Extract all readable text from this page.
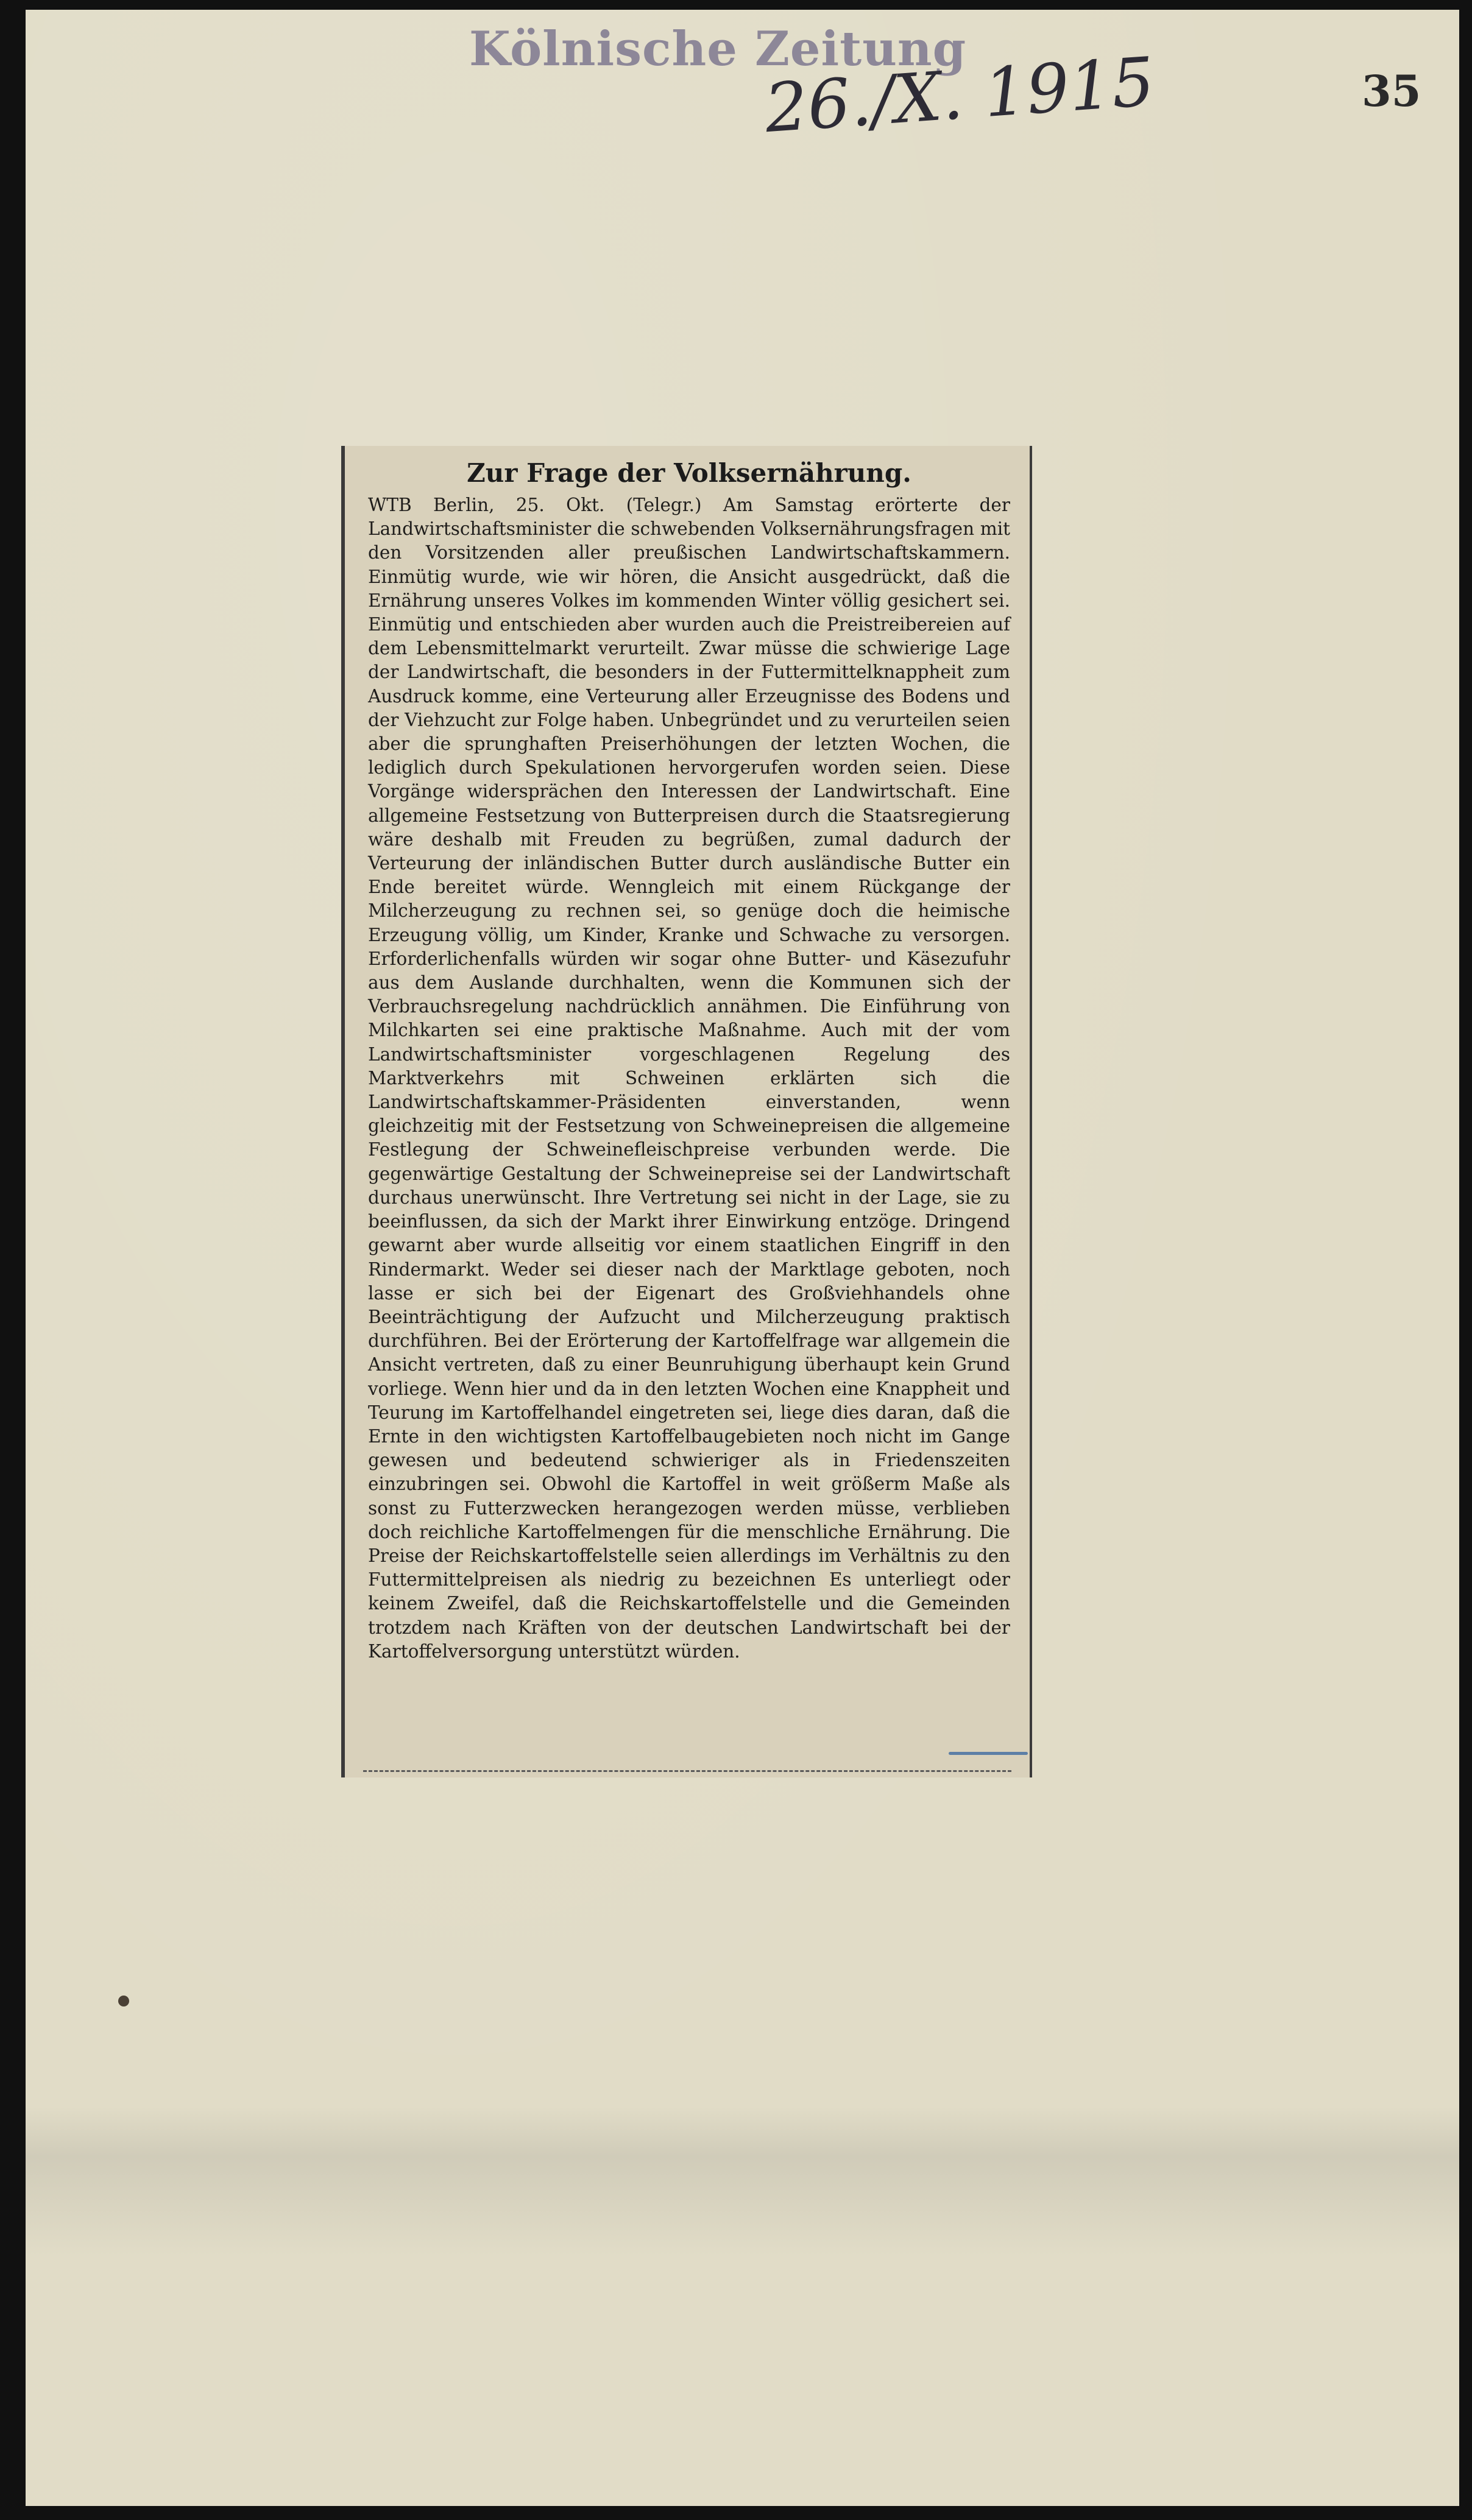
Kölnische Zeitung
26./X. 1915	35
Zur Frage der Volksernährung.

WTB Berlin, 25. Okt. (Telegr.) Am Samstag erörterte der Landwirtschaftsminister die schwebenden Volksernährungsfragen mit den Vorsitzenden aller preußischen Landwirtschaftskammern. Einmütig wurde, wie wir hören, die Ansicht ausgedrückt, daß die Ernährung unseres Volkes im kommenden Winter völlig gesichert sei. Einmütig und entschieden aber wurden auch die Preistreibereien auf dem Lebensmittelmarkt verurteilt. Zwar müsse die schwierige Lage der Landwirtschaft, die besonders in der Futtermittelknappheit zum Ausdruck komme, eine Verteurung aller Erzeugnisse des Bodens und der Viehzucht zur Folge haben. Unbegründet und zu verurteilen seien aber die sprunghaften Preiserhöhungen der letzten Wochen, die lediglich durch Spekulationen hervorgerufen worden seien. Diese Vorgänge widersprächen den Interessen der Landwirtschaft. Eine allgemeine Festsetzung von Butterpreisen durch die Staatsregierung wäre deshalb mit Freuden zu begrüßen, zumal dadurch der Verteurung der inländischen Butter durch ausländische Butter ein Ende bereitet würde. Wenngleich mit einem Rückgange der Milcherzeugung zu rechnen sei, so genüge doch die heimische Erzeugung völlig, um Kinder, Kranke und Schwache zu versorgen. Erforderlichenfalls würden wir sogar ohne Butter- und Käsezufuhr aus dem Auslande durchhalten, wenn die Kommunen sich der Verbrauchsregelung nachdrücklich annähmen. Die Einführung von Milchkarten sei eine praktische Maßnahme. Auch mit der vom Landwirtschaftsminister vorgeschlagenen Regelung des Marktverkehrs mit Schweinen erklärten sich die Landwirtschaftskammer-Präsidenten einverstanden, wenn gleichzeitig mit der Festsetzung von Schweinepreisen die allgemeine Festlegung der Schweinefleischpreise verbunden werde. Die gegenwärtige Gestaltung der Schweinepreise sei der Landwirtschaft durchaus unerwünscht. Ihre Vertretung sei nicht in der Lage, sie zu beeinflussen, da sich der Markt ihrer Einwirkung entzöge. Dringend gewarnt aber wurde allseitig vor einem staatlichen Eingriff in den Rindermarkt. Weder sei dieser nach der Marktlage geboten, noch lasse er sich bei der Eigenart des Großviehhandels ohne Beeinträchtigung der Aufzucht und Milcherzeugung praktisch durchführen. Bei der Erörterung der Kartoffelfrage war allgemein die Ansicht vertreten, daß zu einer Beunruhigung überhaupt kein Grund vorliege. Wenn hier und da in den letzten Wochen eine Knappheit und Teurung im Kartoffelhandel eingetreten sei, liege dies daran, daß die Ernte in den wichtigsten Kartoffelbaugebieten noch nicht im Gange gewesen und bedeutend schwieriger als in Friedenszeiten einzubringen sei. Obwohl die Kartoffel in weit größerm Maße als sonst zu Futterzwecken herangezogen werden müsse, verblieben doch reichliche Kartoffelmengen für die menschliche Ernährung. Die Preise der Reichskartoffelstelle seien allerdings im Verhältnis zu den Futtermittelpreisen als niedrig zu bezeichnen Es unterliegt oder keinem Zweifel, daß die Reichskartoffelstelle und die Gemeinden trotzdem nach Kräften von der deutschen Landwirtschaft bei der Kartoffelversorgung unterstützt würden.
